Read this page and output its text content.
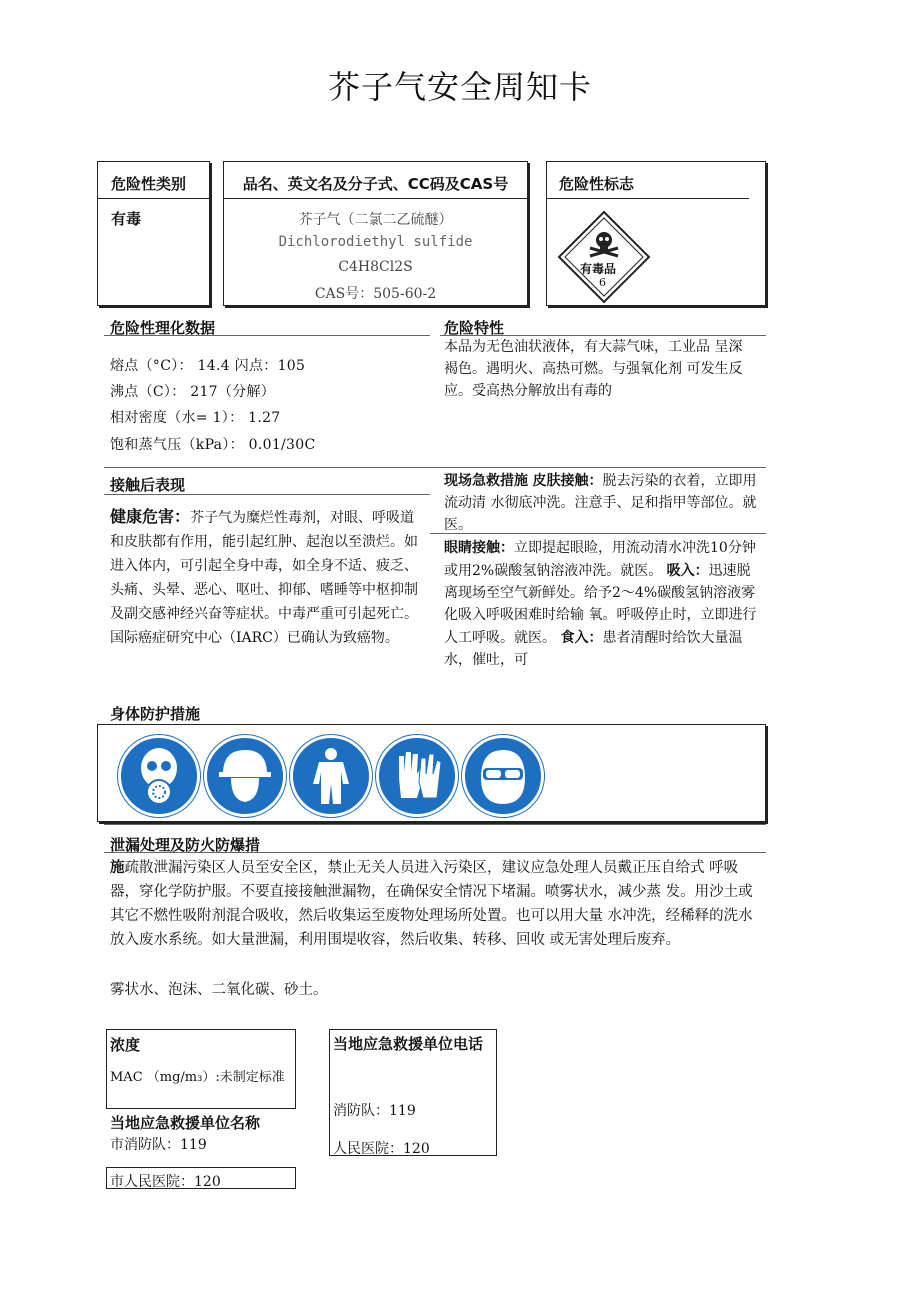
芥子气安全周知卡
危险性类别
有毒
品名、英文名及分子式、CC码及CAS号
芥子气（二氯二乙硫醚）
Dichlorodiethyl sulfide
C4H8Cl2S
CAS号：505-60-2
危险性标志
有毒品
6
危险性理化数据
熔点（°C）： 14.4 闪点：105
沸点（C）： 217（分解）
相对密度（水= 1）： 1.27
饱和蒸气压（kPa）： 0.01/30C
危险特性
本品为无色油状液体，有大蒜气味，工业品 呈深褐色。遇明火、高热可燃。与强氧化剂 可发生反应。受高热分解放出有毒的
接触后表现
健康危害：芥子气为糜烂性毒剂，对眼、呼吸道和皮肤都有作用，能引起红肿、起泡以至溃烂。如进入体内，可引起全身中毒，如全身不适、疲乏、头痛、头晕、恶心、呕吐、抑郁、嗜睡等中枢抑制及副交感神经兴奋等症状。中毒严重可引起死亡。国际癌症研究中心（IARC）已确认为致癌物。
现场急救措施 皮肤接触：脱去污染的衣着，立即用流动清 水彻底冲洗。注意手、足和指甲等部位。就 医。
眼睛接触：立即提起眼睑，用流动清水冲洗10分钟或用2%碳酸氢钠溶液冲洗。就医。 吸入：迅速脱离现场至空气新鲜处。给予2～4%碳酸氢钠溶液雾化吸入呼吸困难时给输 氧。呼吸停止时，立即进行人工呼吸。就医。 食入：患者清醒时给饮大量温水，催吐，可
身体防护措施
泄漏处理及防火防爆措
施疏散泄漏污染区人员至安全区，禁止无关人员进入污染区，建议应急处理人员戴正压自给式 呼吸器，穿化学防护服。不要直接接触泄漏物，在确保安全情况下堵漏。喷雾状水，减少蒸 发。用沙土或其它不燃性吸附剂混合吸收，然后收集运至废物处理场所处置。也可以用大量 水冲洗，经稀释的洗水放入废水系统。如大量泄漏，利用围堤收容，然后收集、转移、回收 或无害处理后废弃。
雾状水、泡沫、二氧化碳、砂土。
浓度
MAC （mg/m₃）:未制定标准
当地应急救援单位名称
市消防队：119
市人民医院：120
当地应急救援单位电话
消防队：119
人民医院：120
